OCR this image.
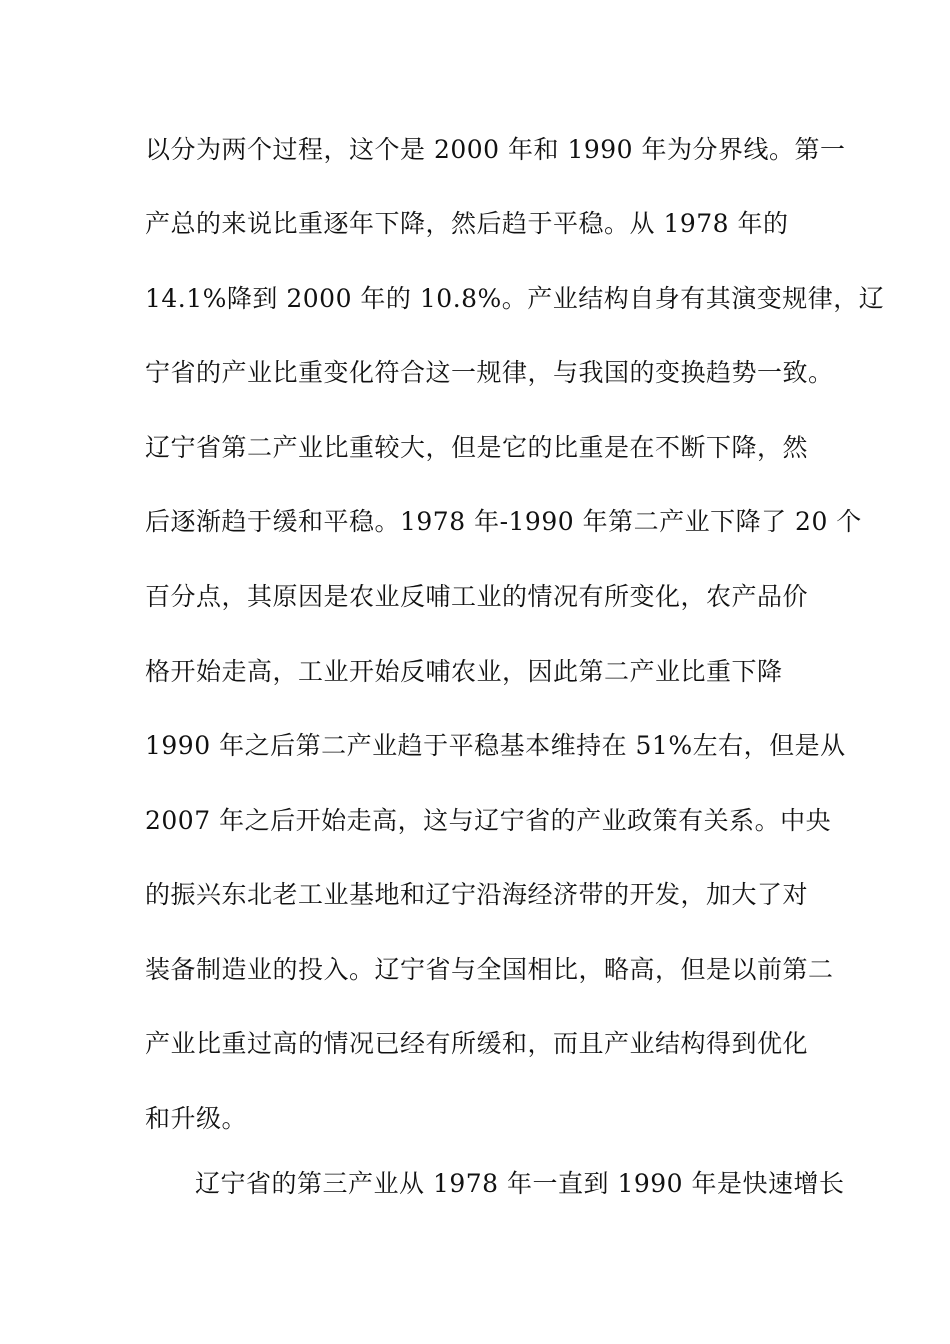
以分为两个过程，这个是 2000 年和 1990 年为分界线。第一
产总的来说比重逐年下降，然后趋于平稳。从 1978 年的
14.1%降到 2000 年的 10.8%。产业结构自身有其演变规律，辽
宁省的产业比重变化符合这一规律，与我国的变换趋势一致。
辽宁省第二产业比重较大，但是它的比重是在不断下降，然
后逐渐趋于缓和平稳。1978 年-1990 年第二产业下降了 20 个
百分点，其原因是农业反哺工业的情况有所变化，农产品价
格开始走高，工业开始反哺农业，因此第二产业比重下降
1990 年之后第二产业趋于平稳基本维持在 51%左右，但是从
2007 年之后开始走高，这与辽宁省的产业政策有关系。中央
的振兴东北老工业基地和辽宁沿海经济带的开发，加大了对
装备制造业的投入。辽宁省与全国相比，略高，但是以前第二
产业比重过高的情况已经有所缓和，而且产业结构得到优化
和升级。
辽宁省的第三产业从 1978 年一直到 1990 年是快速增长
